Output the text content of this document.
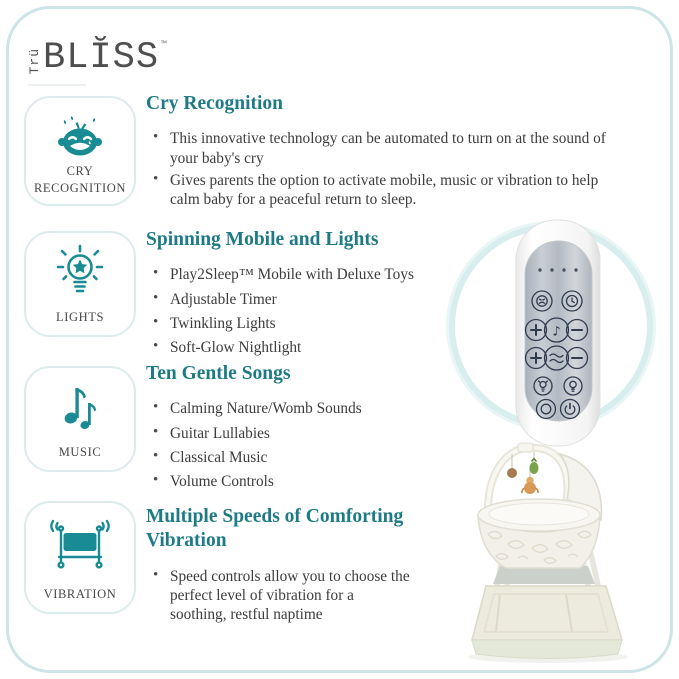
Trü BLĬSS ™
CRY RECOGNITION
LIGHTS
MUSIC
VIBRATION
Cry Recognition
• This innovative technology can be automated to turn on at the sound of your baby's cry
• Gives parents the option to activate mobile, music or vibration to help calm baby for a peaceful return to sleep.
Spinning Mobile and Lights
• Play2Sleep™ Mobile with Deluxe Toys
• Adjustable Timer
• Twinkling Lights
• Soft-Glow Nightlight
Ten Gentle Songs
• Calming Nature/Womb Sounds
• Guitar Lullabies
• Classical Music
• Volume Controls
Multiple Speeds of Comforting Vibration
• Speed controls allow you to choose the perfect level of vibration for a soothing, restful naptime
♪
